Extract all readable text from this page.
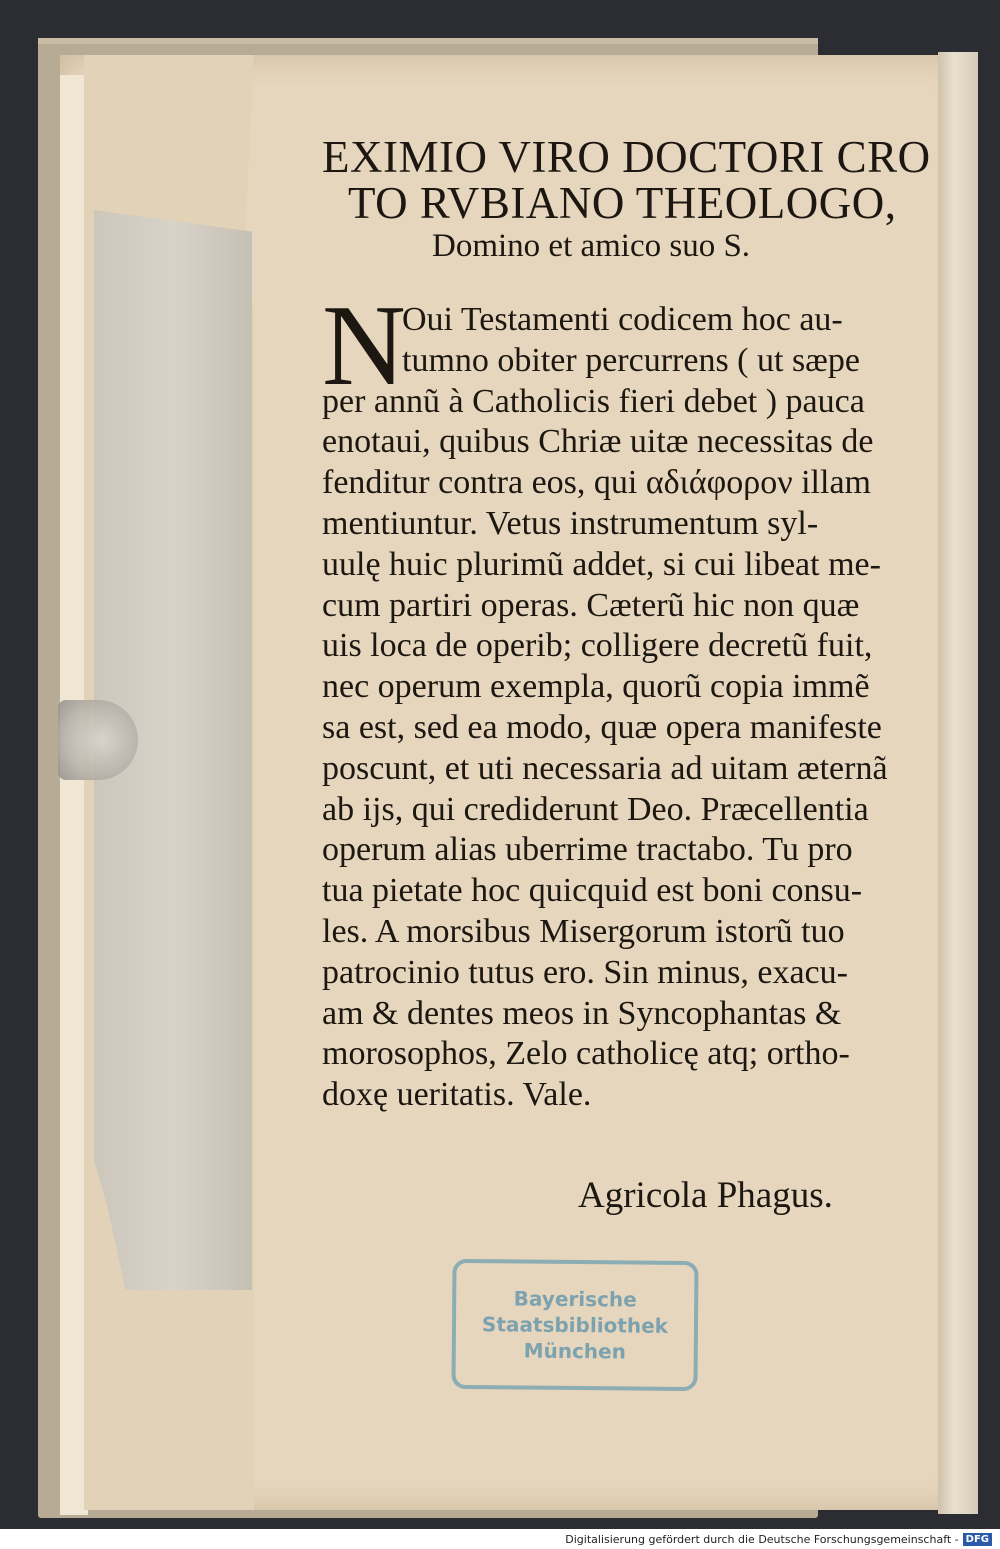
EXIMIO VIRO DOCTORI CRO
TO RVBIANO THEOLOGO,
Domino et amico suo S.
N
Oui Testamenti codicem hoc au-
tumno obiter percurrens ( ut sæpe
per annũ à Catholicis fieri debet ) pauca
enotaui, quibus Chriæ uitæ necessitas de
fenditur contra eos, qui αδιάφορον illam
mentiuntur. Vetus instrumentum syl-
uulę huic plurimũ addet, si cui libeat me-
cum partiri operas. Cæterũ hic non quæ
uis loca de operib; colligere decretũ fuit,
nec operum exempla, quorũ copia immẽ
sa est, sed ea modo, quæ opera manifeste
poscunt, et uti necessaria ad uitam æternã
ab ijs, qui crediderunt Deo. Præcellentia
operum alias uberrime tractabo. Tu pro
tua pietate hoc quicquid est boni consu-
les. A morsibus Misergorum istorũ tuo
patrocinio tutus ero. Sin minus, exacu-
am & dentes meos in Syncophantas &
morosophos, Zelo catholicę atq; ortho-
doxę ueritatis. Vale.
Agricola Phagus.
Bayerische
Staatsbibliothek
München
Digitalisierung gefördert durch die Deutsche Forschungsgemeinschaft - DFG
